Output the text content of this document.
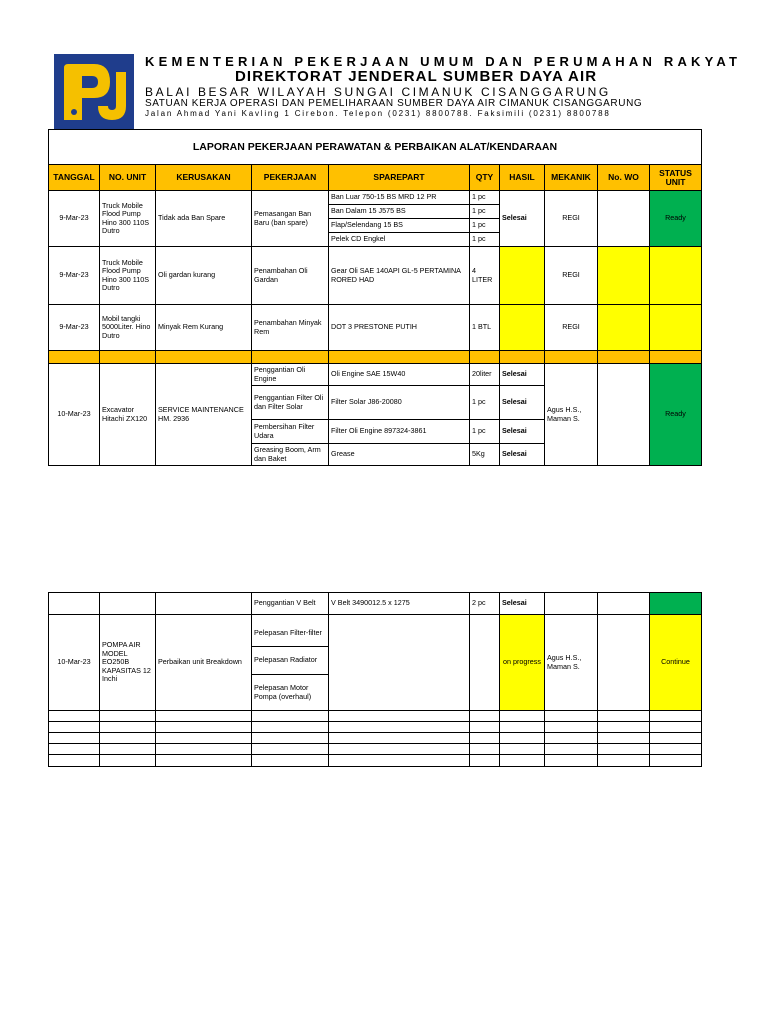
KEMENTERIAN PEKERJAAN UMUM DAN PERUMAHAN RAKYAT
DIREKTORAT JENDERAL SUMBER DAYA AIR
BALAI BESAR WILAYAH SUNGAI CIMANUK CISANGGARUNG
SATUAN KERJA OPERASI DAN PEMELIHARAAN SUMBER DAYA AIR CIMANUK CISANGGARUNG
Jalan Ahmad Yani Kavling 1 Cirebon. Telepon (0231) 8800788. Faksimili (0231) 8800788
LAPORAN PEKERJAAN PERAWATAN & PERBAIKAN ALAT/KENDARAAN
TANGGAL	NO. UNIT	KERUSAKAN	PEKERJAAN	SPAREPART	QTY	HASIL	MEKANIK	No. WO	STATUS UNIT
9-Mar-23	Truck Mobile Flood Pump Hino 300 110S Dutro	Tidak ada Ban Spare	Pemasangan Ban Baru (ban spare)	Ban Luar 750-15 BS MRD 12 PR	1 pc	Selesai	REGI		Ready
				Ban Dalam 15 J575 BS	1 pc				
				Flap/Selendang 15 BS	1 pc				
				Pelek CD Engkel	1 pc				
9-Mar-23	Truck Mobile Flood Pump Hino 300 110S Dutro	Oli gardan kurang	Penambahan Oli Gardan	Gear Oli SAE 140API GL-5 PERTAMINA RORED HAD	4 LITER		REGI		
9-Mar-23	Mobil tangki 5000Liter. Hino Dutro	Minyak Rem Kurang	Penambahan Minyak Rem	DOT 3 PRESTONE PUTIH	1 BTL		REGI		

10-Mar-23	Excavator Hitachi ZX120	SERVICE MAINTENANCE HM. 2936	Penggantian Oli Engine	Oli Engine SAE 15W40	20liter	Selesai	Agus H.S., Maman S.		Ready
			Penggantian Filter Oli dan Filter Solar	Filter Solar J86-20080	1 pc	Selesai			
			Pembersihan Filter Udara	Filter Oli Engine 897324-3861	1 pc	Selesai			
			Greasing Boom, Arm dan Baket	Grease	5Kg	Selesai			
			Penggantian V Belt	V Belt 3490012.5 x 1275	2 pc	Selesai			
10-Mar-23	POMPA AIR MODEL EO250B KAPASITAS 12 Inchi	Perbaikan unit Breakdown	Pelepasan Filter-filter			on progress	Agus H.S., Maman S.		Continue
			Pelepasan Radiator						
			Pelepasan Motor Pompa (overhaul)						
